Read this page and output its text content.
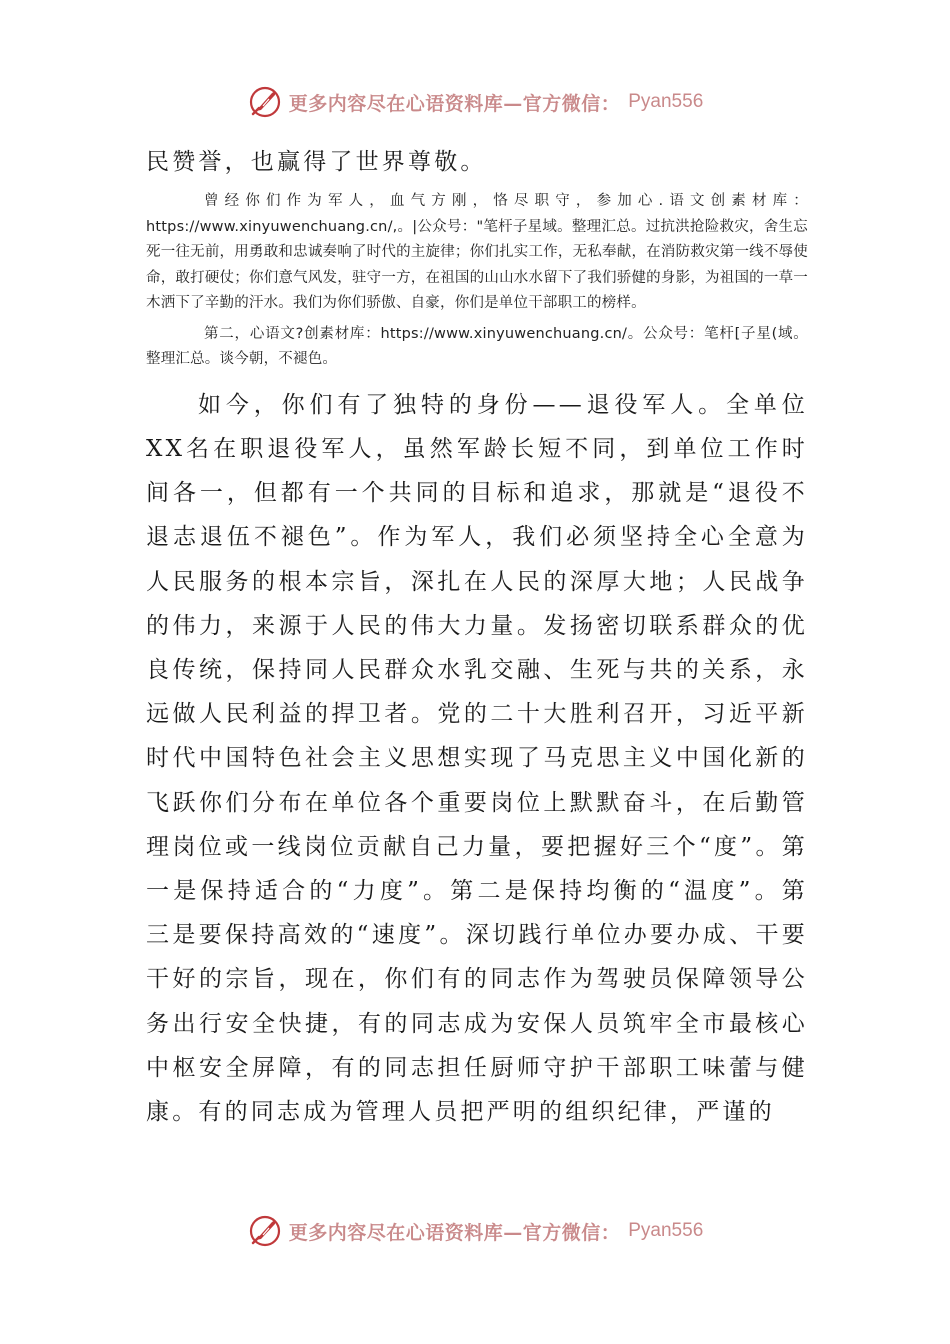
更多内容尽在心语资料库—官方微信： Pyan556

民赞誉，也赢得了世界尊敬。

曾经你们作为军人，血气方刚，恪尽职守，参加心.语文创素材库：https://www.xinyuwenchuang.cn/,。|公众号："笔杆子星域。整理汇总。过抗洪抢险救灾，舍生忘死一往无前，用勇敢和忠诚奏响了时代的主旋律；你们扎实工作，无私奉献，在消防救灾第一线不辱使命，敢打硬仗；你们意气风发，驻守一方，在祖国的山山水水留下了我们骄健的身影，为祖国的一草一木洒下了辛勤的汗水。我们为你们骄傲、自豪，你们是单位干部职工的榜样。

第二，心语文?创素材库：https://www.xinyuwenchuang.cn/。公众号：笔杆[子星(域。整理汇总。谈今朝，不褪色。

如今，你们有了独特的身份——退役军人。全单位XX名在职退役军人，虽然军龄长短不同，到单位工作时间各一，但都有一个共同的目标和追求，那就是“退役不退志退伍不褪色”。作为军人，我们必须坚持全心全意为人民服务的根本宗旨，深扎在人民的深厚大地；人民战争的伟力，来源于人民的伟大力量。发扬密切联系群众的优良传统，保持同人民群众水乳交融、生死与共的关系，永远做人民利益的捍卫者。党的二十大胜利召开，习近平新时代中国特色社会主义思想实现了马克思主义中国化新的飞跃你们分布在单位各个重要岗位上默默奋斗，在后勤管理岗位或一线岗位贡献自己力量，要把握好三个“度”。第一是保持适合的“力度”。第二是保持均衡的“温度”。第三是要保持高效的“速度”。深切践行单位办要办成、干要干好的宗旨，现在，你们有的同志作为驾驶员保障领导公务出行安全快捷，有的同志成为安保人员筑牢全市最核心中枢安全屏障，有的同志担任厨师守护干部职工味蕾与健康。有的同志成为管理人员把严明的组织纪律，严谨的

更多内容尽在心语资料库—官方微信： Pyan556
